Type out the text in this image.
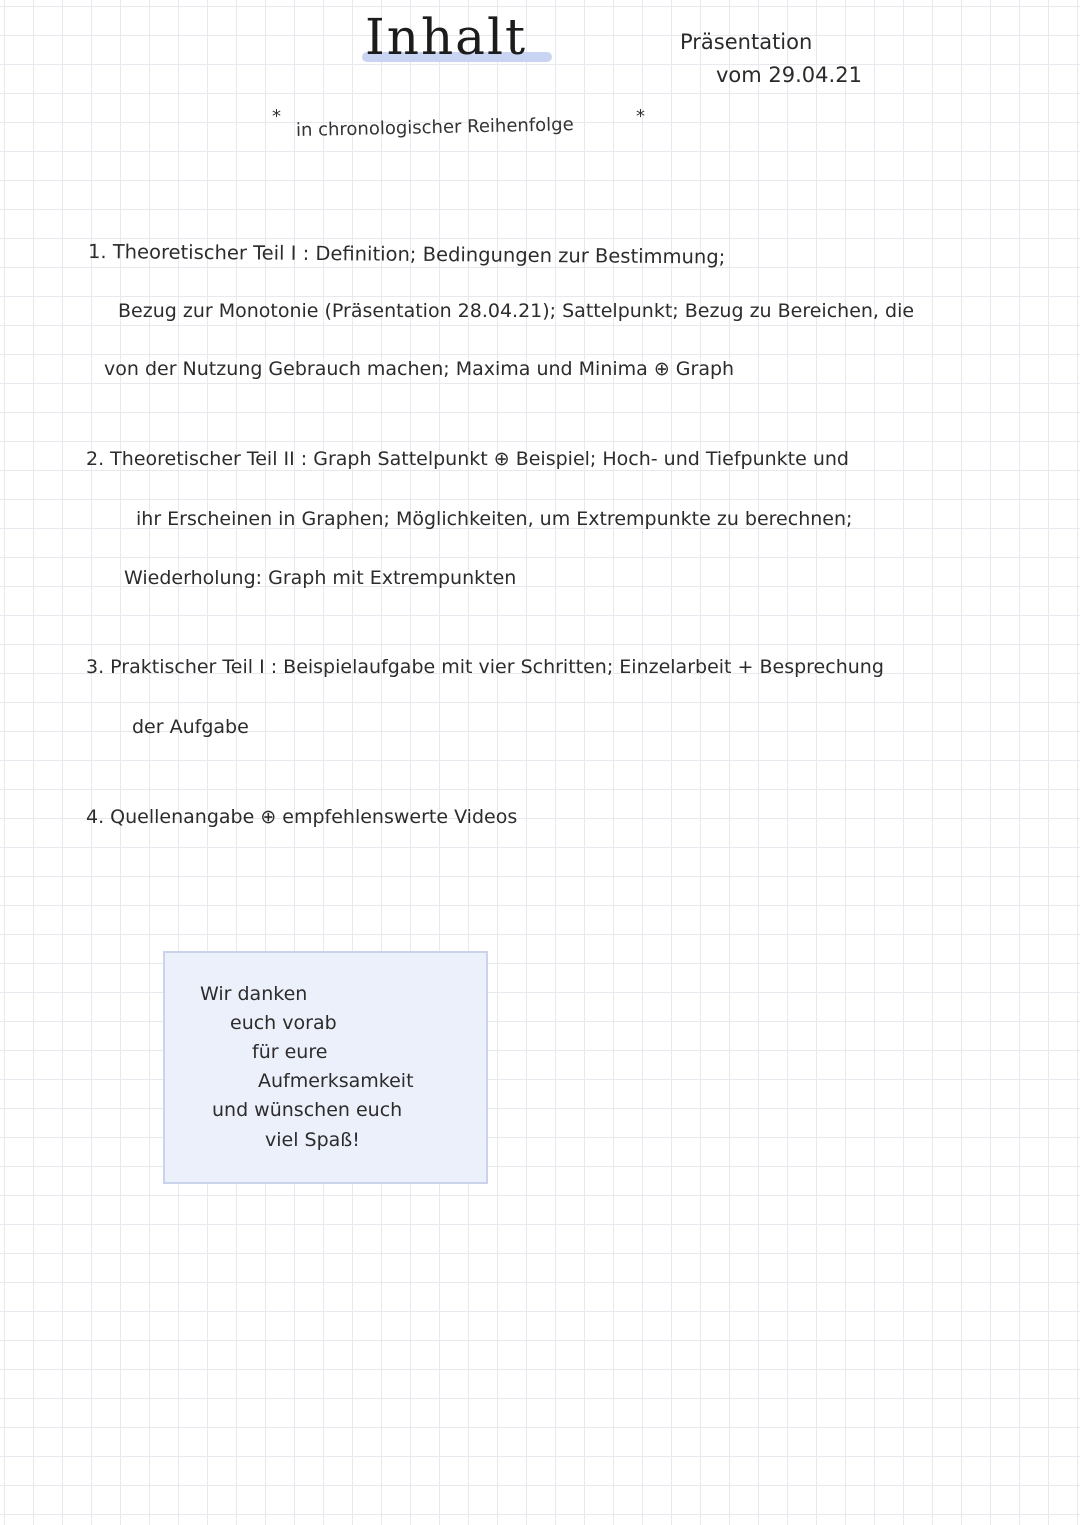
Inhalt	Präsentation
vom 29.04.21
* in chronologischer Reihenfolge	*
1. Theoretischer Teil I : Definition; Bedingungen zur Bestimmung;
Bezug zur Monotonie (Präsentation 28.04.21); Sattelpunkt; Bezug zu Bereichen, die
von der Nutzung Gebrauch machen; Maxima und Minima ⊕ Graph
2. Theoretischer Teil II : Graph Sattelpunkt ⊕ Beispiel; Hoch- und Tiefpunkte und
ihr Erscheinen in Graphen; Möglichkeiten, um Extrempunkte zu berechnen;
Wiederholung: Graph mit Extrempunkten
3. Praktischer Teil I : Beispielaufgabe mit vier Schritten; Einzelarbeit + Besprechung
der Aufgabe
4. Quellenangabe ⊕ empfehlenswerte Videos
Wir danken
euch vorab
für eure
Aufmerksamkeit
und wünschen euch
viel Spaß!
